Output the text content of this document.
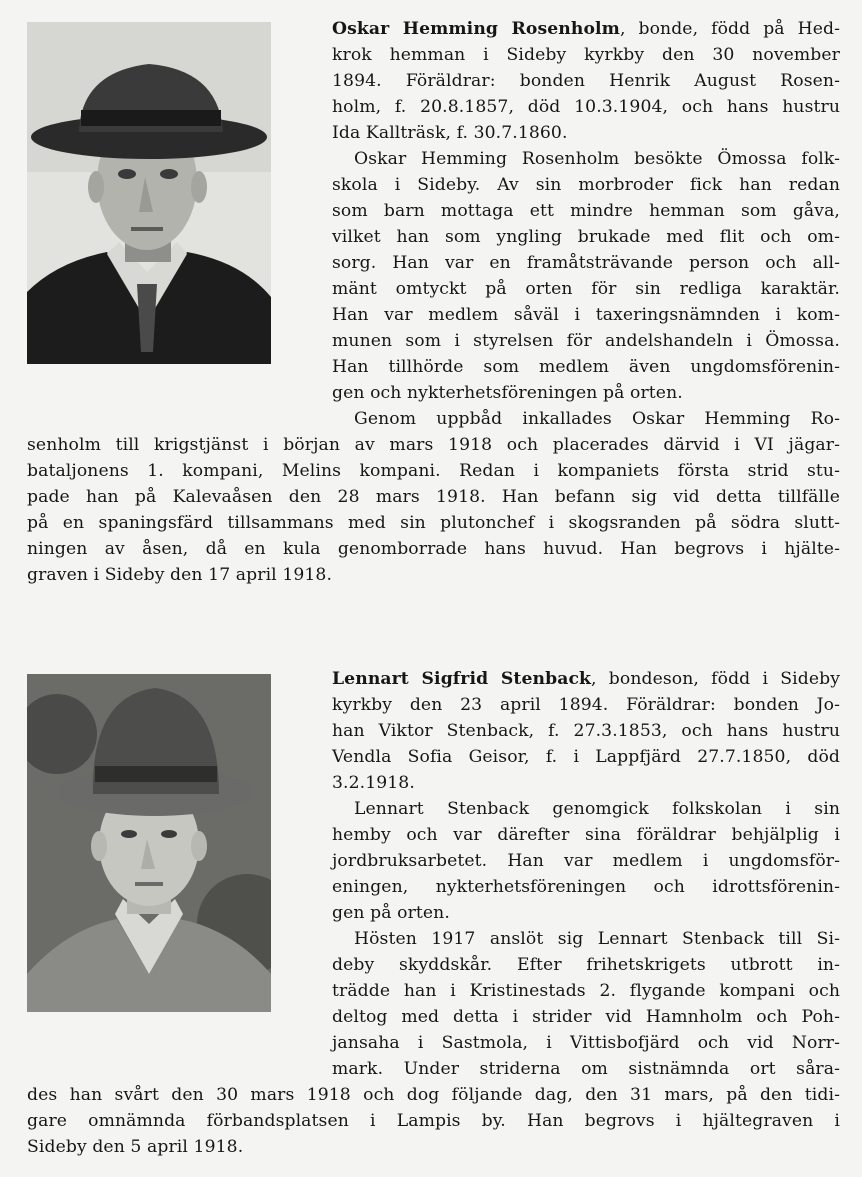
Oskar Hemming Rosenholm, bonde, född på Hed-
krok hemman i Sideby kyrkby den 30 november
1894. Föräldrar: bonden Henrik August Rosen-
holm, f. 20.8.1857, död 10.3.1904, och hans hustru
Ida Kallträsk, f. 30.7.1860.
Oskar Hemming Rosenholm besökte Ömossa folk-
skola i Sideby. Av sin morbroder fick han redan
som barn mottaga ett mindre hemman som gåva,
vilket han som yngling brukade med flit och om-
sorg. Han var en framåtsträvande person och all-
mänt omtyckt på orten för sin redliga karaktär.
Han var medlem såväl i taxeringsnämnden i kom-
munen som i styrelsen för andelshandeln i Ömossa.
Han tillhörde som medlem även ungdomsförenin-
gen och nykterhetsföreningen på orten.
Genom uppbåd inkallades Oskar Hemming Ro-
senholm till krigstjänst i början av mars 1918 och placerades därvid i VI jägar-
bataljonens 1. kompani, Melins kompani. Redan i kompaniets första strid stu-
pade han på Kalevaåsen den 28 mars 1918. Han befann sig vid detta tillfälle
på en spaningsfärd tillsammans med sin plutonchef i skogsranden på södra slutt-
ningen av åsen, då en kula genomborrade hans huvud. Han begrovs i hjälte-
graven i Sideby den 17 april 1918.
Lennart Sigfrid Stenback, bondeson, född i Sideby
kyrkby den 23 april 1894. Föräldrar: bonden Jo-
han Viktor Stenback, f. 27.3.1853, och hans hustru
Vendla Sofia Geisor, f. i Lappfjärd 27.7.1850, död
3.2.1918.
Lennart Stenback genomgick folkskolan i sin
hemby och var därefter sina föräldrar behjälplig i
jordbruksarbetet. Han var medlem i ungdomsför-
eningen, nykterhetsföreningen och idrottsförenin-
gen på orten.
Hösten 1917 anslöt sig Lennart Stenback till Si-
deby skyddskår. Efter frihetskrigets utbrott in-
trädde han i Kristinestads 2. flygande kompani och
deltog med detta i strider vid Hamnholm och Poh-
jansaha i Sastmola, i Vittisbofjärd och vid Norr-
mark. Under striderna om sistnämnda ort såra-
des han svårt den 30 mars 1918 och dog följande dag, den 31 mars, på den tidi-
gare omnämnda förbandsplatsen i Lampis by. Han begrovs i hjältegraven i
Sideby den 5 april 1918.
